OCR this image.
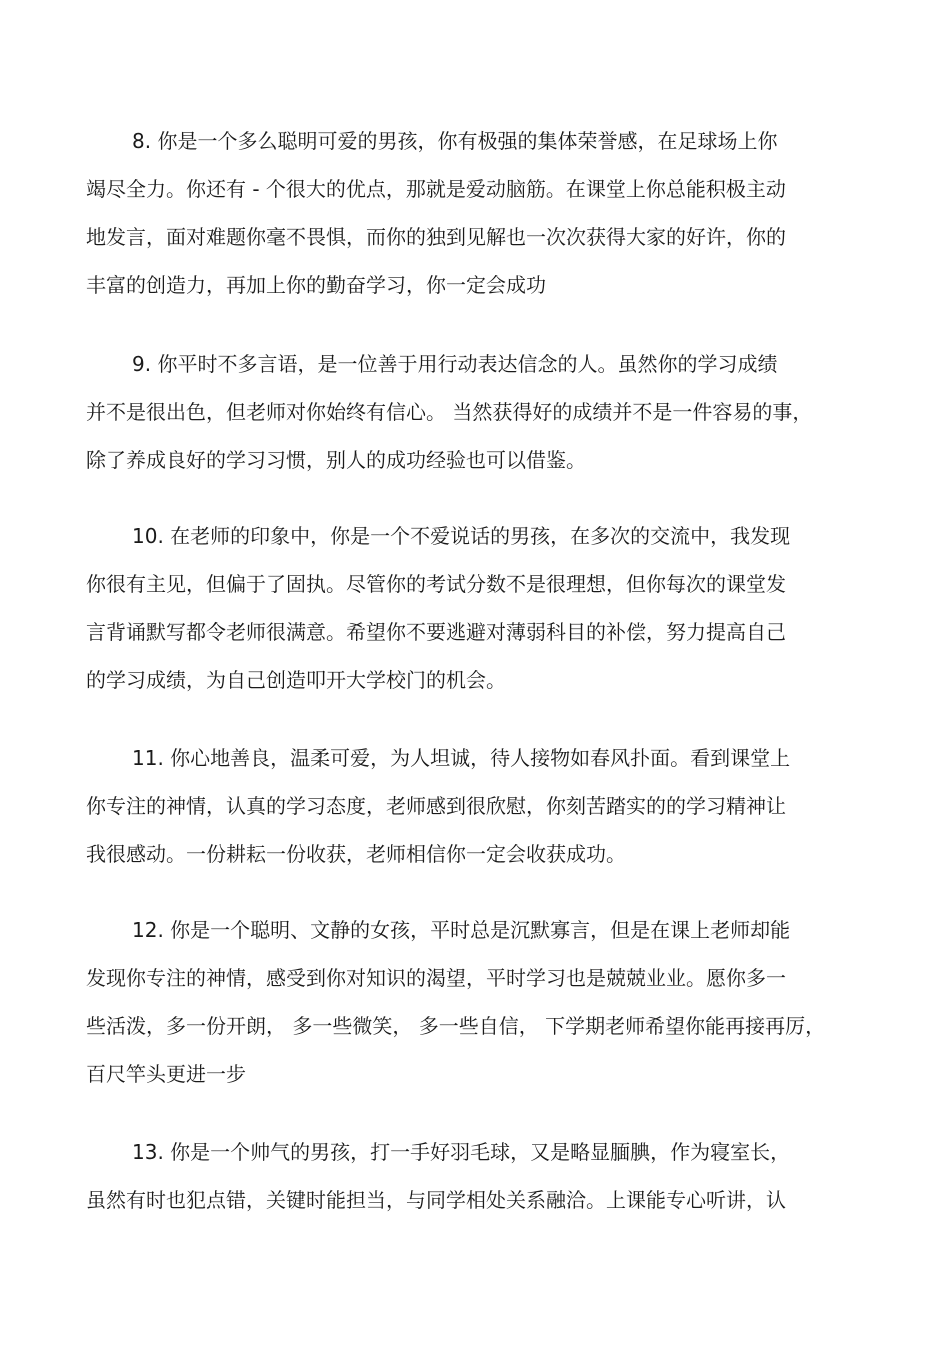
8. 你是一个多么聪明可爱的男孩，你有极强的集体荣誉感，在足球场上你
竭尽全力。你还有 - 个很大的优点，那就是爱动脑筋。在课堂上你总能积极主动
地发言，面对难题你毫不畏惧，而你的独到见解也一次次获得大家的好许，你的
丰富的创造力，再加上你的勤奋学习，你一定会成功
9. 你平时不多言语，是一位善于用行动表达信念的人。虽然你的学习成绩
并不是很出色，但老师对你始终有信心。 当然获得好的成绩并不是一件容易的事，
除了养成良好的学习习惯，别人的成功经验也可以借鉴。
10. 在老师的印象中，你是一个不爱说话的男孩，在多次的交流中，我发现
你很有主见，但偏于了固执。尽管你的考试分数不是很理想，但你每次的课堂发
言背诵默写都令老师很满意。希望你不要逃避对薄弱科目的补偿，努力提高自己
的学习成绩，为自己创造叩开大学校门的机会。
11. 你心地善良，温柔可爱，为人坦诚，待人接物如春风扑面。看到课堂上
你专注的神情，认真的学习态度，老师感到很欣慰，你刻苦踏实的的学习精神让
我很感动。一份耕耘一份收获，老师相信你一定会收获成功。
12. 你是一个聪明、文静的女孩，平时总是沉默寡言，但是在课上老师却能
发现你专注的神情，感受到你对知识的渴望，平时学习也是兢兢业业。愿你多一
些活泼，多一份开朗， 多一些微笑， 多一些自信， 下学期老师希望你能再接再厉，
百尺竿头更进一步
13. 你是一个帅气的男孩，打一手好羽毛球，又是略显腼腆，作为寝室长，
虽然有时也犯点错，关键时能担当，与同学相处关系融洽。上课能专心听讲，认
